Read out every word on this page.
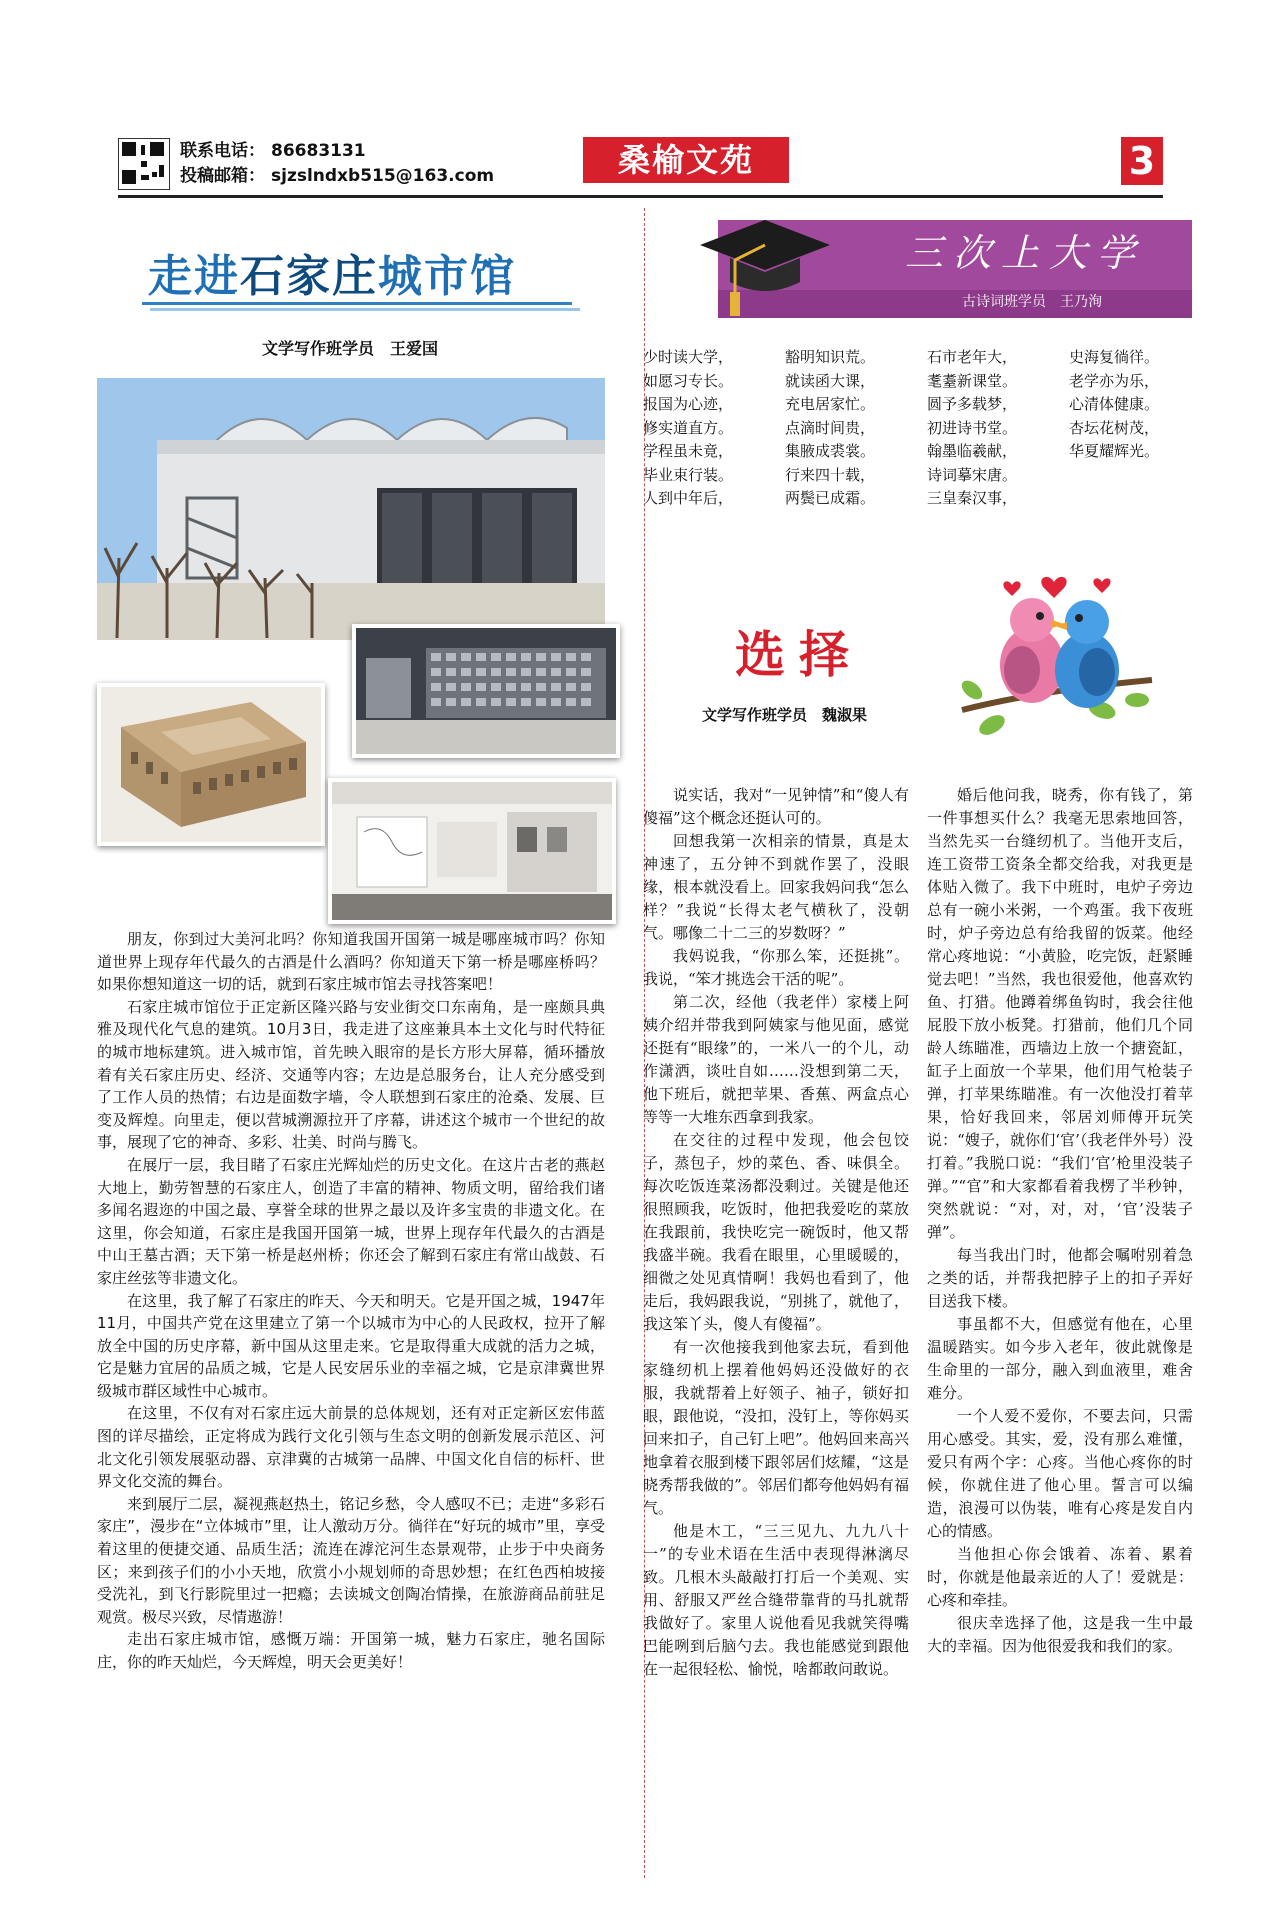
联系电话： 86683131
投稿邮箱： sjzslndxb515@163.com	桑榆文苑	3
走进石家庄城市馆
文学写作班学员　王爱国

朋友，你到过大美河北吗？你知道我国开国第一城是哪座城市吗？你知道世界上现存年代最久的古酒是什么酒吗？你知道天下第一桥是哪座桥吗？如果你想知道这一切的话，就到石家庄城市馆去寻找答案吧！

石家庄城市馆位于正定新区隆兴路与安业街交口东南角，是一座颇具典雅及现代化气息的建筑。10月3日，我走进了这座兼具本土文化与时代特征的城市地标建筑。进入城市馆，首先映入眼帘的是长方形大屏幕，循环播放着有关石家庄历史、经济、交通等内容；左边是总服务台，让人充分感受到了工作人员的热情；右边是面数字墙，令人联想到石家庄的沧桑、发展、巨变及辉煌。向里走，便以营城溯源拉开了序幕，讲述这个城市一个世纪的故事，展现了它的神奇、多彩、壮美、时尚与腾飞。

在展厅一层，我目睹了石家庄光辉灿烂的历史文化。在这片古老的燕赵大地上，勤劳智慧的石家庄人，创造了丰富的精神、物质文明，留给我们诸多闻名遐迩的中国之最、享誉全球的世界之最以及许多宝贵的非遗文化。在这里，你会知道，石家庄是我国开国第一城，世界上现存年代最久的古酒是中山王墓古酒；天下第一桥是赵州桥；你还会了解到石家庄有常山战鼓、石家庄丝弦等非遗文化。

在这里，我了解了石家庄的昨天、今天和明天。它是开国之城，1947年11月，中国共产党在这里建立了第一个以城市为中心的人民政权，拉开了解放全中国的历史序幕，新中国从这里走来。它是取得重大成就的活力之城，它是魅力宜居的品质之城，它是人民安居乐业的幸福之城，它是京津冀世界级城市群区域性中心城市。

在这里，不仅有对石家庄远大前景的总体规划，还有对正定新区宏伟蓝图的详尽描绘，正定将成为践行文化引领与生态文明的创新发展示范区、河北文化引领发展驱动器、京津冀的古城第一品牌、中国文化自信的标杆、世界文化交流的舞台。

来到展厅二层，凝视燕赵热土，铭记乡愁，令人感叹不已；走进“多彩石家庄”，漫步在“立体城市”里，让人激动万分。徜徉在“好玩的城市”里，享受着这里的便捷交通、品质生活；流连在滹沱河生态景观带，止步于中央商务区；来到孩子们的小小天地，欣赏小小规划师的奇思妙想；在红色西柏坡接受洗礼，到飞行影院里过一把瘾；去读城文创陶冶情操，在旅游商品前驻足观赏。极尽兴致，尽情遨游！

走出石家庄城市馆，感慨万端：开国第一城，魅力石家庄，驰名国际庄，你的昨天灿烂，今天辉煌，明天会更美好！

三次上大学
古诗词班学员　王乃洵
少时读大学，	豁明知识荒。	石市老年大，	史海复徜徉。
如愿习专长。	就读函大课，	耄耋新课堂。	老学亦为乐，
报国为心迹，	充电居家忙。	圆予多载梦，	心清体健康。
修实道直方。	点滴时间贵，	初进诗书堂。	杏坛花树茂，
学程虽未竟，	集腋成裘裳。	翰墨临羲献，	华夏耀辉光。
毕业束行装。	行来四十载，	诗词摹宋唐。
人到中年后，	两鬓已成霜。	三皇秦汉事，
选择
文学写作班学员　魏淑果

说实话，我对“一见钟情”和“傻人有傻福”这个概念还挺认可的。

回想我第一次相亲的情景，真是太神速了，五分钟不到就作罢了，没眼缘，根本就没看上。回家我妈问我“怎么样？”我说“长得太老气横秋了，没朝气。哪像二十二三的岁数呀？”

我妈说我，“你那么笨，还挺挑”。我说，“笨才挑选会干活的呢”。

第二次，经他（我老伴）家楼上阿姨介绍并带我到阿姨家与他见面，感觉还挺有“眼缘”的，一米八一的个儿，动作潇洒，谈吐自如……没想到第二天，他下班后，就把苹果、香蕉、两盒点心等等一大堆东西拿到我家。

在交往的过程中发现，他会包饺子，蒸包子，炒的菜色、香、味俱全。每次吃饭连菜汤都没剩过。关键是他还很照顾我，吃饭时，他把我爱吃的菜放在我跟前，我快吃完一碗饭时，他又帮我盛半碗。我看在眼里，心里暖暖的，细微之处见真情啊！我妈也看到了，他走后，我妈跟我说，“别挑了，就他了，我这笨丫头，傻人有傻福”。

有一次他接我到他家去玩，看到他家缝纫机上摆着他妈妈还没做好的衣服，我就帮着上好领子、袖子，锁好扣眼，跟他说，“没扣，没钉上，等你妈买回来扣子，自己钉上吧”。他妈回来高兴地拿着衣服到楼下跟邻居们炫耀，“这是晓秀帮我做的”。邻居们都夸他妈妈有福气。

他是木工，“三三见九、九九八十一”的专业术语在生活中表现得淋漓尽致。几根木头敲敲打打后一个美观、实用、舒服又严丝合缝带靠背的马扎就帮我做好了。家里人说他看见我就笑得嘴巴能咧到后脑勺去。我也能感觉到跟他在一起很轻松、愉悦，啥都敢问敢说。

婚后他问我，晓秀，你有钱了，第一件事想买什么？我毫无思索地回答，当然先买一台缝纫机了。当他开支后，连工资带工资条全都交给我，对我更是体贴入微了。我下中班时，电炉子旁边总有一碗小米粥，一个鸡蛋。我下夜班时，炉子旁边总有给我留的饭菜。他经常心疼地说：“小黄脸，吃完饭，赶紧睡觉去吧！”当然，我也很爱他，他喜欢钓鱼、打猎。他蹲着绑鱼钩时，我会往他屁股下放小板凳。打猎前，他们几个同龄人练瞄准，西墙边上放一个搪瓷缸，缸子上面放一个苹果，他们用气枪装子弹，打苹果练瞄准。有一次他没打着苹果，恰好我回来，邻居刘师傅开玩笑说：“嫂子，就你们‘官’（我老伴外号）没打着。”我脱口说：“我们‘官’枪里没装子弹。”“官”和大家都看着我楞了半秒钟，突然就说：“对，对，对，‘官’没装子弹”。

每当我出门时，他都会嘱咐别着急之类的话，并帮我把脖子上的扣子弄好目送我下楼。

事虽都不大，但感觉有他在，心里温暖踏实。如今步入老年，彼此就像是生命里的一部分，融入到血液里，难舍难分。

一个人爱不爱你，不要去问，只需用心感受。其实，爱，没有那么难懂，爱只有两个字：心疼。当他心疼你的时候，你就住进了他心里。誓言可以编造，浪漫可以伪装，唯有心疼是发自内心的情感。

当他担心你会饿着、冻着、累着时，你就是他最亲近的人了！爱就是：心疼和牵挂。

很庆幸选择了他，这是我一生中最大的幸福。因为他很爱我和我们的家。
